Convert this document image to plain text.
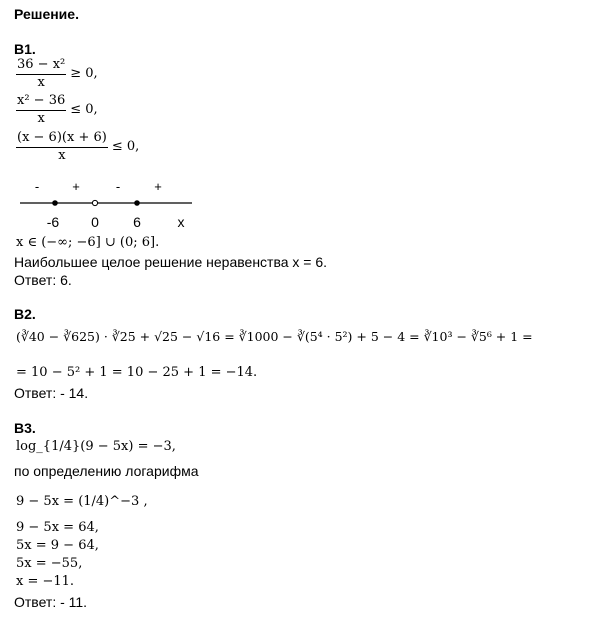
Решение.
B1.
$\frac{\text{36 − x²}}{x} \ge 0$,
$\frac{\text{x² − 36}}{x} \le 0$,
$\frac{(x - 6)(x + 6)}{x} \le 0$,
-	+	-	+
-6 0 6	x
x ∈ (−∞; −6] ∪ (0; 6].
Наибольшее целое решение неравенства x = 6.
Ответ: 6.
B2.
(∛40 − ∛625) · ∛25 + √25 − √16 = ∛1000 − ∛(5⁴ · 5²) + 5 − 4 = ∛10³ − ∛5⁶ + 1 =
= 10 − 5² + 1 = 10 − 25 + 1 = −14.
Ответ: - 14.
B3.
log_{1/4}(9 − 5x) = −3,
по определению логарифма
9 − 5x = (1/4)^−3 ,
9 − 5x = 64,
5x = 9 − 64,
5x = −55,
x = −11.
Ответ: - 11.
